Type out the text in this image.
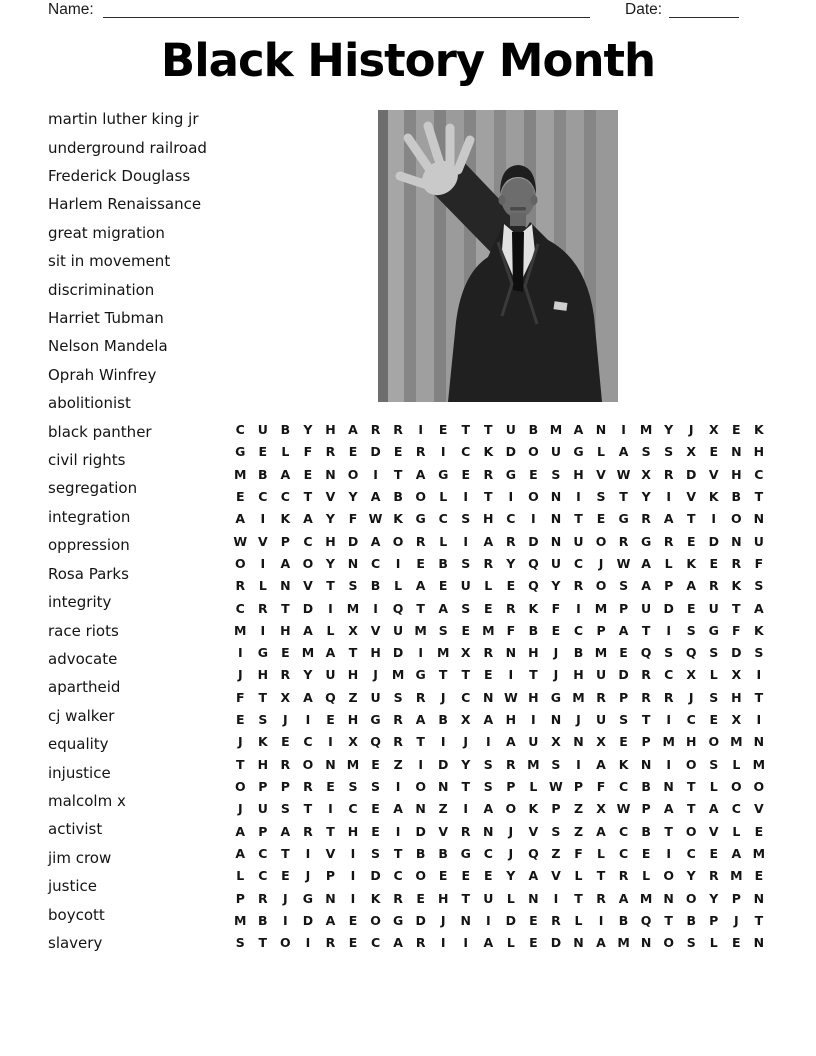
Name:	Date:
Black History Month
martin luther king jr
underground railroad
Frederick Douglass
Harlem Renaissance
great migration
sit in movement
discrimination
Harriet Tubman
Nelson Mandela
Oprah Winfrey
abolitionist
black panther
civil rights
segregation
integration
oppression
Rosa Parks
integrity
race riots
advocate
apartheid
cj walker
equality
injustice
malcolm x
activist
jim crow
justice
boycott
slavery
C	U	B	Y	H A	R	R	I	E	T	T	U	B M A N	I	M Y	J	X	E	K
G	E	L	F	R	E	D	E	R	I	C	K	D O U G	L	A	S	S	X	E	N H
M B	A	E	N O	I	T	A	G	E	R	G	E	S	H V W X	R	D	V H	C
E	C	C	T	V	Y	A	B O	L	I	T	I	O N	I	S	T	Y	I	V	K	B	T
A	I	K	A	Y	F W K	G	C	S	H	C	I	N	T	E	G	R	A	T	I	O N
W V	P	C	H D	A O R	L	I	A	R	D N U O R	G	R	E	D N U
O	I	A O	Y	N	C	I	E	B	S	R	Y	Q U	C	J	W A	L	K	E	R	F
R	L	N V	T	S	B	L	A	E	U	L	E	Q	Y	R O	S	A	P	A	R	K	S
C	R	T	D	I	M	I	Q	T	A	S	E	R	K	F	I	M P	U D	E	U	T	A
M	I	H A	L	X	V	U M S	E M F	B	E	C	P	A	T	I	S	G	F	K
I	G	E M A	T	H D	I	M X	R N H	J	B M E	Q	S	Q	S	D	S
J	H	R	Y	U H	J	M G	T	T	E	I	T	J	H U D	R	C	X	L	X	I
F	T	X	A Q	Z	U	S	R	J	C	N W H G M R	P	R	R	J	S	H	T
E	S	J	I	E	H G	R	A	B	X	A H	I	N	J	U	S	T	I	C	E	X	I
J	K	E	C	I	X Q R	T	I	J	I	A	U	X N	X	E	P M H O M N
T	H	R O N M E	Z	I	D	Y	S	R M S	I	A	K N	I	O	S	L M
O	P	P	R	E	S	S	I	O N	T	S	P	L W P	F	C	B	N	T	L	O O
J	U	S	T	I	C	E	A N	Z	I	A O K	P	Z	X W P	A	T	A	C	V
A	P	A	R	T	H	E	I	D	V	R N	J	V	S	Z	A	C	B	T	O V	L	E
A	C	T	I	V	I	S	T	B	B	G	C	J	Q	Z	F	L	C	E	I	C	E	A M
L	C	E	J	P	I	D	C	O	E	E	E	Y	A	V	L	T	R	L	O	Y	R M E
P	R	J	G N	I	K	R	E	H	T	U	L	N	I	T	R	A M N O	Y	P	N
M B	I	D	A	E	O G D	J	N	I	D	E	R	L	I	B Q	T	B	P	J	T
S	T	O	I	R	E	C	A	R	I	I	A	L	E	D N A M N O	S	L	E	N
